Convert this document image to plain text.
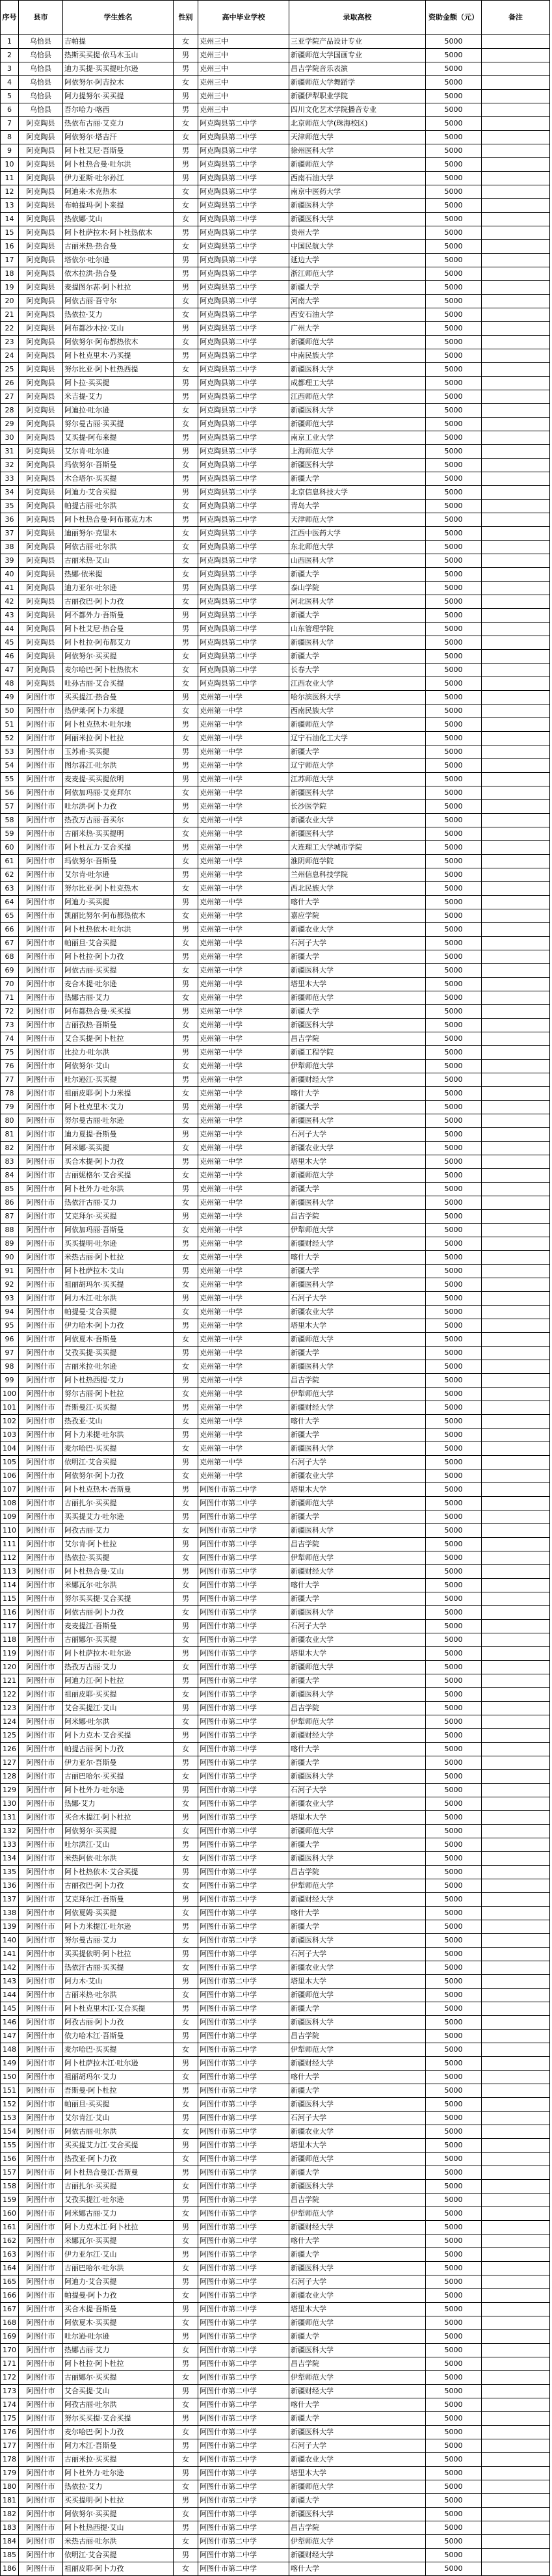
序号	县市	学生姓名	性别	高中毕业学校	录取高校	资助金额（元）	备注
1	乌恰县	吉帕提	女	克州三中	三亚学院产品设计专业	5000	
2	乌恰县	热斯买买提·依马木玉山	男	克州三中	新疆师范大学国画专业	5000	
3	乌恰县	迪力买提·买买提吐尔逊	男	克州三中	昌吉学院音乐表演	5000	
4	乌恰县	阿依努尔·阿吉拉木	女	克州三中	新疆师范大学舞蹈学	5000	
5	乌恰县	阿力提努尔·买买提	男	克州三中	新疆伊犁职业学院	5000	
6	乌恰县	吾尔哈力·喀西	男	克州三中	四川文化艺术学院播音专业	5000	
7	阿克陶县	热依布古丽·艾克力	女	阿克陶县第二中学	北京师范大学(珠海校区)	5000	
8	阿克陶县	阿依努尔·塔吉汗	女	阿克陶县第二中学	天津师范大学	5000	
9	阿克陶县	阿卜杜艾尼·吾斯曼	男	阿克陶县第二中学	徐州医科大学	5000	
10	阿克陶县	阿卜杜热合曼·吐尔洪	男	阿克陶县第二中学	新疆师范大学	5000	
11	阿克陶县	伊力亚斯·吐尔孙江	男	阿克陶县第二中学	西南石油大学	5000	
12	阿克陶县	阿迪来·木克热木	女	阿克陶县第二中学	南京中医药大学	5000	
13	阿克陶县	布帕提玛·阿卜来提	女	阿克陶县第二中学	新疆医科大学	5000	
14	阿克陶县	热依娜·艾山	女	阿克陶县第二中学	新疆医科大学	5000	
15	阿克陶县	阿卜杜萨拉木·阿卜杜热依木	男	阿克陶县第二中学	贵州大学	5000	
16	阿克陶县	古丽米热·热合曼	女	阿克陶县第二中学	中国民航大学	5000	
17	阿克陶县	塔依尔·吐尔逊	男	阿克陶县第二中学	延边大学	5000	
18	阿克陶县	依木拉洪·热合曼	男	阿克陶县第二中学	浙江师范大学	5000	
19	阿克陶县	麦提图尔荪·阿卜杜拉	男	阿克陶县第二中学	新疆大学	5000	
20	阿克陶县	阿依古丽·吾守尔	女	阿克陶县第二中学	河南大学	5000	
21	阿克陶县	热依拉·艾力	女	阿克陶县第二中学	西安石油大学	5000	
22	阿克陶县	阿布都沙木拉·艾山	男	阿克陶县第二中学	广州大学	5000	
23	阿克陶县	阿依努尔·阿布都热依木	女	阿克陶县第二中学	新疆师范大学	5000	
24	阿克陶县	阿卜杜克里木·乃买提	男	阿克陶县第二中学	中南民族大学	5000	
25	阿克陶县	努尔比亚·阿卜杜热西提	女	阿克陶县第二中学	新疆医科大学	5000	
26	阿克陶县	阿卜拉·买买提	男	阿克陶县第二中学	成都理工大学	5000	
27	阿克陶县	米吉提·艾力	男	阿克陶县第二中学	江西师范大学	5000	
28	阿克陶县	阿迪拉·吐尔逊	女	阿克陶县第二中学	新疆医科大学	5000	
29	阿克陶县	努尔曼古丽·买买提	女	阿克陶县第二中学	新疆师范大学	5000	
30	阿克陶县	艾买提·阿布来提	男	阿克陶县第二中学	南京工业大学	5000	
31	阿克陶县	艾尔肯·吐尔逊	男	阿克陶县第二中学	上海师范大学	5000	
32	阿克陶县	玛依努尔·吾斯曼	女	阿克陶县第二中学	新疆医科大学	5000	
33	阿克陶县	木合塔尔·买买提	男	阿克陶县第二中学	新疆大学	5000	
34	阿克陶县	阿迪力·艾合买提	男	阿克陶县第二中学	北京信息科技大学	5000	
35	阿克陶县	帕提古丽·吐尔洪	女	阿克陶县第二中学	青岛大学	5000	
36	阿克陶县	阿卜杜热合曼·阿布都克力木	男	阿克陶县第二中学	天津师范大学	5000	
37	阿克陶县	迪丽努尔·克里木	女	阿克陶县第二中学	江西中医药大学	5000	
38	阿克陶县	阿依古丽·吐尔洪	女	阿克陶县第二中学	东北师范大学	5000	
39	阿克陶县	古丽米热·艾山	女	阿克陶县第二中学	山西医科大学	5000	
40	阿克陶县	热娜·依米提	女	阿克陶县第二中学	新疆大学	5000	
41	阿克陶县	迪力亚尔·吐尔逊	男	阿克陶县第二中学	泰山学院	5000	
42	阿克陶县	古丽孜巴·阿卜力孜	女	阿克陶县第二中学	河北医科大学	5000	
43	阿克陶县	阿不都外力·吾斯曼	男	阿克陶县第二中学	新疆大学	5000	
44	阿克陶县	阿卜杜艾尼·热合曼	男	阿克陶县第二中学	山东管理学院	5000	
45	阿克陶县	阿卜杜拉·阿布都艾力	男	阿克陶县第二中学	新疆医科大学	5000	
46	阿克陶县	阿依努尔·买买提	女	阿克陶县第二中学	新疆大学	5000	
47	阿克陶县	麦尔哈巴·阿卜杜热依木	女	阿克陶县第二中学	长春大学	5000	
48	阿克陶县	吐孙古丽·艾合买提	女	阿克陶县第二中学	江西农业大学	5000	
49	阿图什市	买买提江·热合曼	男	克州第一中学	哈尔滨医科大学	5000	
50	阿图什市	热伊莱·阿卜力米提	女	克州第一中学	西南民族大学	5000	
51	阿图什市	阿卜杜克热木·吐尔地	男	克州第一中学	新疆师范大学	5000	
52	阿图什市	阿丽米拉·阿卜杜拉	女	克州第一中学	辽宁石油化工大学	5000	
53	阿图什市	玉苏甫·买买提	男	克州第一中学	新疆大学	5000	
54	阿图什市	图尔荪江·吐尔洪	男	克州第一中学	辽宁师范大学	5000	
55	阿图什市	麦麦提·买买提依明	男	克州第一中学	江苏师范大学	5000	
56	阿图什市	阿依加玛丽·艾克拜尔	女	克州第一中学	新疆医科大学	5000	
57	阿图什市	吐尔洪·阿卜力孜	男	克州第一中学	长沙医学院	5000	
58	阿图什市	热孜万古丽·吾买尔	女	克州第一中学	新疆农业大学	5000	
59	阿图什市	古丽米热·买买提明	女	克州第一中学	新疆医科大学	5000	
60	阿图什市	阿卜杜瓦力·艾合买提	男	克州第一中学	大连理工大学城市学院	5000	
61	阿图什市	玛依努尔·吾斯曼	女	克州第一中学	淮阴师范学院	5000	
62	阿图什市	艾尔肯·吐尔逊	男	克州第一中学	兰州信息科技学院	5000	
63	阿图什市	努尔比亚·阿卜杜克热木	女	克州第一中学	西北民族大学	5000	
64	阿图什市	阿迪力·买买提	男	克州第一中学	喀什大学	5000	
65	阿图什市	凯丽比努尔·阿布都热依木	女	克州第一中学	嘉应学院	5000	
66	阿图什市	阿卜杜热依木·吐尔洪	男	克州第一中学	新疆农业大学	5000	
67	阿图什市	帕丽旦·艾合买提	女	克州第一中学	石河子大学	5000	
68	阿图什市	阿卜杜拉·阿卜力孜	男	克州第一中学	新疆大学	5000	
69	阿图什市	阿依古丽·买买提	女	克州第一中学	新疆医科大学	5000	
70	阿图什市	麦合木提·吐尔逊	男	克州第一中学	塔里木大学	5000	
71	阿图什市	热娜古丽·艾力	女	克州第一中学	新疆师范大学	5000	
72	阿图什市	阿布都热合曼·买买提	男	克州第一中学	新疆大学	5000	
73	阿图什市	古丽孜热·吾斯曼	女	克州第一中学	新疆医科大学	5000	
74	阿图什市	艾合买提·阿卜杜拉	男	克州第一中学	昌吉学院	5000	
75	阿图什市	比拉力·吐尔洪	男	克州第一中学	新疆工程学院	5000	
76	阿图什市	阿依努尔·艾山	女	克州第一中学	伊犁师范大学	5000	
77	阿图什市	吐尔逊江·买买提	男	克州第一中学	新疆财经大学	5000	
78	阿图什市	祖丽皮耶·阿卜力米提	女	克州第一中学	喀什大学	5000	
79	阿图什市	阿卜杜克里木·艾力	男	克州第一中学	新疆大学	5000	
80	阿图什市	努尔曼古丽·吐尔逊	女	克州第一中学	新疆医科大学	5000	
81	阿图什市	迪力夏提·吾斯曼	男	克州第一中学	石河子大学	5000	
82	阿图什市	阿米娜·买买提	女	克州第一中学	新疆农业大学	5000	
83	阿图什市	买合木提·阿卜力孜	男	克州第一中学	塔里木大学	5000	
84	阿图什市	古丽妮格尔·艾合买提	女	克州第一中学	新疆师范大学	5000	
85	阿图什市	阿卜杜外力·吐尔洪	男	克州第一中学	新疆大学	5000	
86	阿图什市	热依汗古丽·艾力	女	克州第一中学	新疆医科大学	5000	
87	阿图什市	艾克拜尔·买买提	男	克州第一中学	昌吉学院	5000	
88	阿图什市	阿依加玛丽·吾斯曼	女	克州第一中学	伊犁师范大学	5000	
89	阿图什市	买买提明·吐尔逊	男	克州第一中学	新疆财经大学	5000	
90	阿图什市	米热古丽·阿卜杜拉	女	克州第一中学	喀什大学	5000	
91	阿图什市	阿卜杜萨拉木·艾山	男	克州第一中学	新疆大学	5000	
92	阿图什市	祖丽胡玛尔·买买提	女	克州第一中学	新疆医科大学	5000	
93	阿图什市	阿力木江·吐尔洪	男	克州第一中学	石河子大学	5000	
94	阿图什市	帕提曼·艾合买提	女	克州第一中学	新疆农业大学	5000	
95	阿图什市	伊力哈木·阿卜力孜	男	克州第一中学	塔里木大学	5000	
96	阿图什市	阿依夏木·吾斯曼	女	克州第一中学	新疆师范大学	5000	
97	阿图什市	艾孜买提·买买提	男	克州第一中学	新疆大学	5000	
98	阿图什市	古丽米拉·吐尔逊	女	克州第一中学	新疆医科大学	5000	
99	阿图什市	阿卜杜热西提·艾力	男	克州第一中学	昌吉学院	5000	
100	阿图什市	努尔古丽·阿卜杜拉	女	克州第一中学	伊犁师范大学	5000	
101	阿图什市	吾斯曼江·买买提	男	克州第一中学	新疆财经大学	5000	
102	阿图什市	热孜亚·艾山	女	克州第一中学	喀什大学	5000	
103	阿图什市	阿卜力米提·吐尔洪	男	克州第一中学	新疆大学	5000	
104	阿图什市	麦尔哈巴·买买提	女	克州第一中学	新疆医科大学	5000	
105	阿图什市	依明江·艾合买提	男	克州第一中学	石河子大学	5000	
106	阿图什市	阿依努尔·阿卜力孜	女	克州第一中学	新疆农业大学	5000	
107	阿图什市	阿卜杜克热木·吾斯曼	男	阿图什市第二中学	塔里木大学	5000	
108	阿图什市	古丽扎尔·买买提	女	阿图什市第二中学	新疆师范大学	5000	
109	阿图什市	买买提艾力·吐尔逊	男	阿图什市第二中学	新疆大学	5000	
110	阿图什市	阿孜古丽·艾力	女	阿图什市第二中学	新疆医科大学	5000	
111	阿图什市	艾尔肯·阿卜杜拉	男	阿图什市第二中学	昌吉学院	5000	
112	阿图什市	热依拉·买买提	女	阿图什市第二中学	伊犁师范大学	5000	
113	阿图什市	阿卜杜热合曼·艾山	男	阿图什市第二中学	新疆财经大学	5000	
114	阿图什市	米娜瓦尔·吐尔洪	女	阿图什市第二中学	喀什大学	5000	
115	阿图什市	努尔买买提·艾合买提	男	阿图什市第二中学	新疆大学	5000	
116	阿图什市	阿依古丽·阿卜力孜	女	阿图什市第二中学	新疆医科大学	5000	
117	阿图什市	麦麦提江·吾斯曼	男	阿图什市第二中学	石河子大学	5000	
118	阿图什市	古丽娜尔·买买提	女	阿图什市第二中学	新疆农业大学	5000	
119	阿图什市	阿卜杜萨拉木·吐尔逊	男	阿图什市第二中学	塔里木大学	5000	
120	阿图什市	热孜万古丽·艾力	女	阿图什市第二中学	新疆师范大学	5000	
121	阿图什市	阿迪力江·阿卜杜拉	男	阿图什市第二中学	新疆大学	5000	
122	阿图什市	祖丽皮耶·买买提	女	阿图什市第二中学	新疆医科大学	5000	
123	阿图什市	艾合买提江·艾山	男	阿图什市第二中学	昌吉学院	5000	
124	阿图什市	阿米娜·吐尔洪	女	阿图什市第二中学	伊犁师范大学	5000	
125	阿图什市	阿卜力克木·艾合买提	男	阿图什市第二中学	新疆财经大学	5000	
126	阿图什市	帕提古丽·阿卜力孜	女	阿图什市第二中学	喀什大学	5000	
127	阿图什市	伊力亚尔·吾斯曼	男	阿图什市第二中学	新疆大学	5000	
128	阿图什市	古丽巴哈尔·买买提	女	阿图什市第二中学	新疆医科大学	5000	
129	阿图什市	阿卜杜外力·吐尔逊	男	阿图什市第二中学	石河子大学	5000	
130	阿图什市	热娜·艾力	女	阿图什市第二中学	新疆农业大学	5000	
131	阿图什市	买合木提江·阿卜杜拉	男	阿图什市第二中学	塔里木大学	5000	
132	阿图什市	阿依努尔·买买提	女	阿图什市第二中学	新疆师范大学	5000	
133	阿图什市	吐尔洪江·艾山	男	阿图什市第二中学	新疆大学	5000	
134	阿图什市	米热阿依·吐尔洪	女	阿图什市第二中学	新疆医科大学	5000	
135	阿图什市	阿卜杜热依木·艾合买提	男	阿图什市第二中学	昌吉学院	5000	
136	阿图什市	古丽孜巴·阿卜力孜	女	阿图什市第二中学	伊犁师范大学	5000	
137	阿图什市	艾克拜尔江·吾斯曼	男	阿图什市第二中学	新疆财经大学	5000	
138	阿图什市	阿依夏姆·买买提	女	阿图什市第二中学	喀什大学	5000	
139	阿图什市	阿卜力米提江·吐尔逊	男	阿图什市第二中学	新疆大学	5000	
140	阿图什市	努尔曼古丽·艾力	女	阿图什市第二中学	新疆医科大学	5000	
141	阿图什市	买买提依明·阿卜杜拉	男	阿图什市第二中学	石河子大学	5000	
142	阿图什市	热依汗古丽·买买提	女	阿图什市第二中学	新疆农业大学	5000	
143	阿图什市	阿力木·艾山	男	阿图什市第二中学	塔里木大学	5000	
144	阿图什市	古丽米热·吐尔洪	女	阿图什市第二中学	新疆师范大学	5000	
145	阿图什市	阿卜杜克里木江·艾合买提	男	阿图什市第二中学	新疆大学	5000	
146	阿图什市	阿孜古丽·阿卜力孜	女	阿图什市第二中学	新疆医科大学	5000	
147	阿图什市	依力哈木江·吾斯曼	男	阿图什市第二中学	昌吉学院	5000	
148	阿图什市	麦尔哈巴·买买提	女	阿图什市第二中学	伊犁师范大学	5000	
149	阿图什市	阿卜杜萨拉木江·吐尔逊	男	阿图什市第二中学	新疆财经大学	5000	
150	阿图什市	祖丽胡玛尔·艾力	女	阿图什市第二中学	喀什大学	5000	
151	阿图什市	吾斯曼·阿卜杜拉	男	阿图什市第二中学	新疆大学	5000	
152	阿图什市	帕丽旦·买买提	女	阿图什市第二中学	新疆医科大学	5000	
153	阿图什市	艾尔肯江·艾山	男	阿图什市第二中学	石河子大学	5000	
154	阿图什市	阿依古丽·吐尔洪	女	阿图什市第二中学	新疆农业大学	5000	
155	阿图什市	买买提艾力江·艾合买提	男	阿图什市第二中学	塔里木大学	5000	
156	阿图什市	热孜亚·阿卜力孜	女	阿图什市第二中学	新疆师范大学	5000	
157	阿图什市	阿卜杜热合曼江·吾斯曼	男	阿图什市第二中学	新疆大学	5000	
158	阿图什市	古丽扎尔·买买提	女	阿图什市第二中学	新疆医科大学	5000	
159	阿图什市	艾孜买提江·吐尔逊	男	阿图什市第二中学	昌吉学院	5000	
160	阿图什市	阿米娜古丽·艾力	女	阿图什市第二中学	伊犁师范大学	5000	
161	阿图什市	阿卜力克木江·阿卜杜拉	男	阿图什市第二中学	新疆财经大学	5000	
162	阿图什市	米娜瓦尔·买买提	女	阿图什市第二中学	喀什大学	5000	
163	阿图什市	伊力亚尔江·艾山	男	阿图什市第二中学	新疆大学	5000	
164	阿图什市	古丽巴哈尔·吐尔洪	女	阿图什市第二中学	新疆医科大学	5000	
165	阿图什市	阿迪力·艾合买提	男	阿图什市第二中学	石河子大学	5000	
166	阿图什市	帕提曼·阿卜力孜	女	阿图什市第二中学	新疆农业大学	5000	
167	阿图什市	买合木提·吾斯曼	男	阿图什市第二中学	塔里木大学	5000	
168	阿图什市	阿依夏木·买买提	女	阿图什市第二中学	新疆师范大学	5000	
169	阿图什市	吐尔逊·吐尔逊	男	阿图什市第二中学	新疆大学	5000	
170	阿图什市	热娜古丽·艾力	女	阿图什市第二中学	新疆医科大学	5000	
171	阿图什市	阿卜杜拉·阿卜杜拉	男	阿图什市第二中学	昌吉学院	5000	
172	阿图什市	古丽娜尔·买买提	女	阿图什市第二中学	伊犁师范大学	5000	
173	阿图什市	艾合买提·艾山	男	阿图什市第二中学	新疆财经大学	5000	
174	阿图什市	阿孜古丽·吐尔洪	女	阿图什市第二中学	喀什大学	5000	
175	阿图什市	努尔买买提·艾合买提	男	阿图什市第二中学	新疆大学	5000	
176	阿图什市	麦尔哈巴·阿卜力孜	女	阿图什市第二中学	新疆医科大学	5000	
177	阿图什市	阿力木江·吾斯曼	男	阿图什市第二中学	石河子大学	5000	
178	阿图什市	古丽米拉·买买提	女	阿图什市第二中学	新疆农业大学	5000	
179	阿图什市	阿卜杜外力·吐尔逊	男	阿图什市第二中学	塔里木大学	5000	
180	阿图什市	热依拉·艾力	女	阿图什市第二中学	新疆师范大学	5000	
181	阿图什市	买买提明·阿卜杜拉	男	阿图什市第二中学	新疆大学	5000	
182	阿图什市	阿依努尔·买买提	女	阿图什市第二中学	新疆医科大学	5000	
183	阿图什市	阿卜杜热西提·艾山	男	阿图什市第二中学	昌吉学院	5000	
184	阿图什市	米热古丽·吐尔洪	女	阿图什市第二中学	伊犁师范大学	5000	
185	阿图什市	依明江·艾合买提	男	阿图什市第二中学	新疆财经大学	5000	
186	阿图什市	祖丽皮耶·阿卜力孜	女	阿图什市第二中学	喀什大学	5000	
